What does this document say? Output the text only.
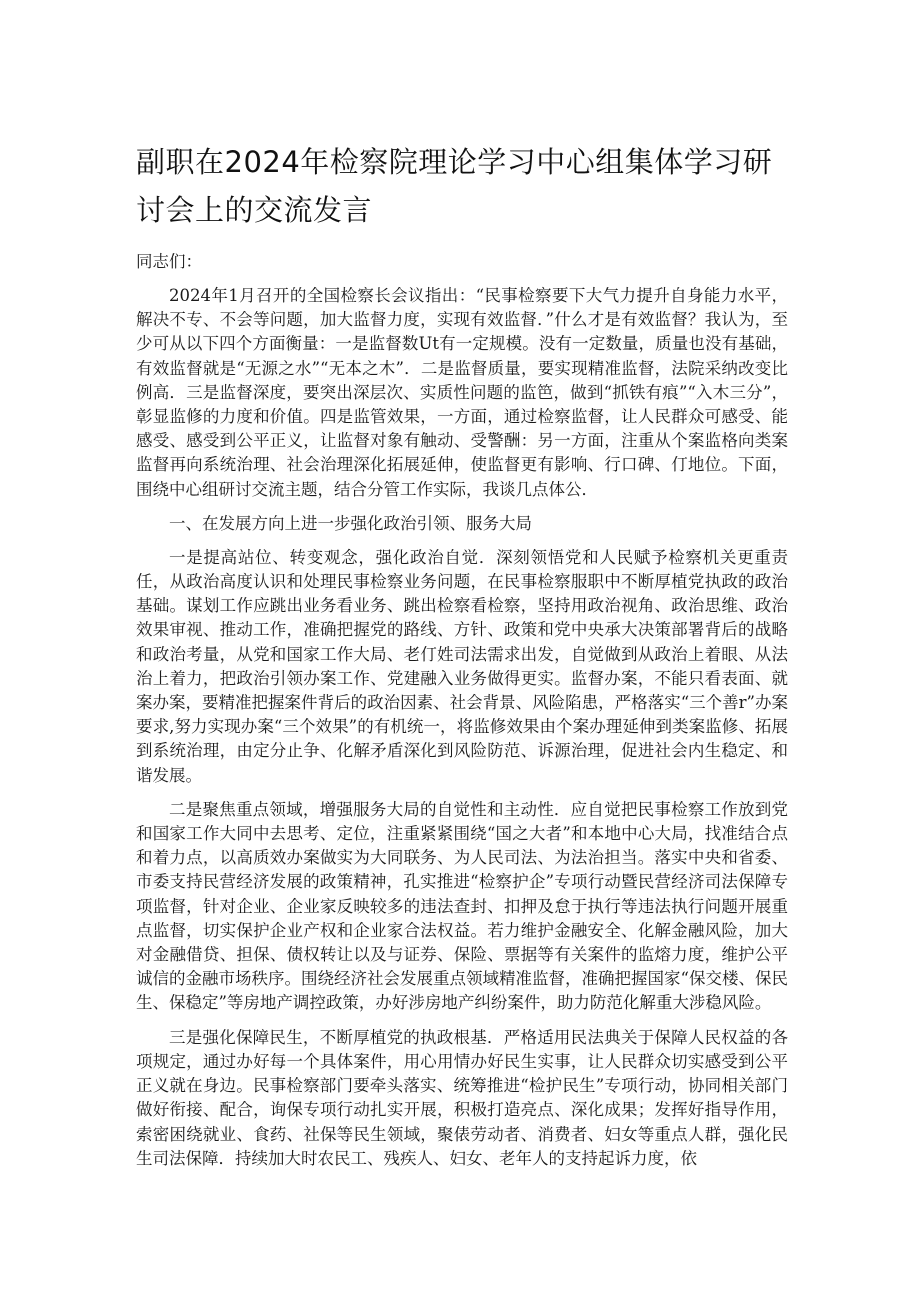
副职在2024年检察院理论学习中心组集体学习研讨会上的交流发言

同志们：

2024年1月召开的全国检察长会议指出：“民事检察要下大气力提升自身能力水平，解决不专、不会等问题，加大监督力度，实现有效监督．”什么才是有效监督？我认为，至少可从以下四个方面衡量：一是监督数Ut有一定规模。没有一定数量，质量也没有基础，有效监督就是“无源之水”“无本之木”．二是监督质量，要实现精准监督，法院采纳改变比例高．三是监督深度，要突出深层次、实质性问题的监笆，做到“抓铁有痕”“入木三分”，彰显监修的力度和价值。四是监管效果，一方面，通过检察监督，让人民群众可感受、能感受、感受到公平正义，让监督对象有触动、受警酬：另一方面，注重从个案监格向类案监督再向系统治理、社会治理深化拓展延伸，使监督更有影响、行口碑、仃地位。下面，围绕中心组研讨交流主题，结合分管工作实际，我谈几点体公．

一、在发展方向上进一步强化政治引领、服务大局

一是提高站位、转变观念，强化政治自觉．深刻领悟党和人民赋予检察机关更重责任，从政治高度认识和处理民事检察业务问题，在民事检察服职中不断厚植党执政的政治基础。谋划工作应跳出业务看业务、跳出检察看检察，坚持用政治视角、政治思维、政治效果审视、推动工作，准确把握党的路线、方针、政策和党中央承大决策部署背后的战略和政治考量，从党和国家工作大局、老仃姓司法需求出发，自觉做到从政治上着眼、从法治上着力，把政治引领办案工作、党建融入业务做得更实。监督办案，不能只看表面、就案办案，要精准把握案件背后的政治因素、社会背景、风险陷患，严格落实“三个善r”办案要求,努力实现办案“三个效果”的有机统一，将监修效果由个案办理延伸到类案监修、拓展到系统治理，由定分止争、化解矛盾深化到风险防范、诉源治理，促进社会内生稳定、和谐发展。

二是聚焦重点领域，增强服务大局的自觉性和主动性．应自觉把民事检察工作放到党和国家工作大同中去思考、定位，注重紧紧围绕“国之大者”和本地中心大局，找准结合点和着力点，以高质效办案做实为大同联务、为人民司法、为法治担当。落实中央和省委、市委支持民营经济发展的政策精神，孔实推进“检察护企”专项行动暨民营经济司法保障专项监督，针对企业、企业家反映较多的违法查封、扣押及怠于执行等违法执行问题开展重点监督，切实保护企业产权和企业家合法权益。若力维护金融安全、化解金融风险，加大对金融借贷、担保、债权转让以及与证券、保险、票据等有关案件的监熔力度，维护公平诚信的金融市场秩序。围绕经济社会发展重点领域精准监督，准确把握国家“保交楼、保民生、保稳定”等房地产调控政策，办好涉房地产纠纷案件，助力防范化解重大涉稳风险。

三是强化保障民生，不断厚植党的执政根基．严格适用民法典关于保障人民权益的各项规定，通过办好每一个具体案件，用心用情办好民生实事，让人民群众切实感受到公平正义就在身边。民事检察部门要牵头落实、统筹推进“检护民生”专项行动，协同相关部门做好衔接、配合，询保专项行动扎实开展，积极打造亮点、深化成果；发挥好指导作用，索密困绕就业、食药、社保等民生领域，聚俵劳动者、消费者、妇女等重点人群，强化民生司法保障．持续加大时农民工、残疾人、妇女、老年人的支持起诉力度，依
